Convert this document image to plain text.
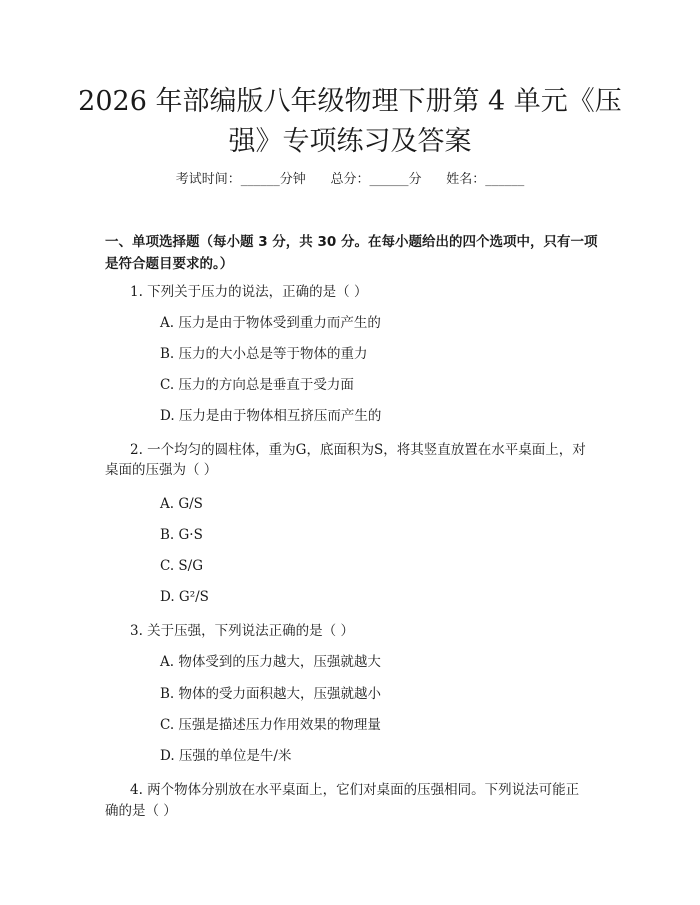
2026 年部编版八年级物理下册第 4 单元《压
强》专项练习及答案
考试时间：______分钟      总分：______分      姓名：______
一、单项选择题（每小题 3 分，共 30 分。在每小题给出的四个选项中，只有一项
是符合题目要求的。）
1. 下列关于压力的说法，正确的是（ ）
A. 压力是由于物体受到重力而产生的
B. 压力的大小总是等于物体的重力
C. 压力的方向总是垂直于受力面
D. 压力是由于物体相互挤压而产生的
2. 一个均匀的圆柱体，重为G，底面积为S，将其竖直放置在水平桌面上，对
桌面的压强为（ ）
A. G/S
B. G·S
C. S/G
D. G²/S
3. 关于压强，下列说法正确的是（ ）
A. 物体受到的压力越大，压强就越大
B. 物体的受力面积越大，压强就越小
C. 压强是描述压力作用效果的物理量
D. 压强的单位是牛/米
4. 两个物体分别放在水平桌面上，它们对桌面的压强相同。下列说法可能正
确的是（ ）
